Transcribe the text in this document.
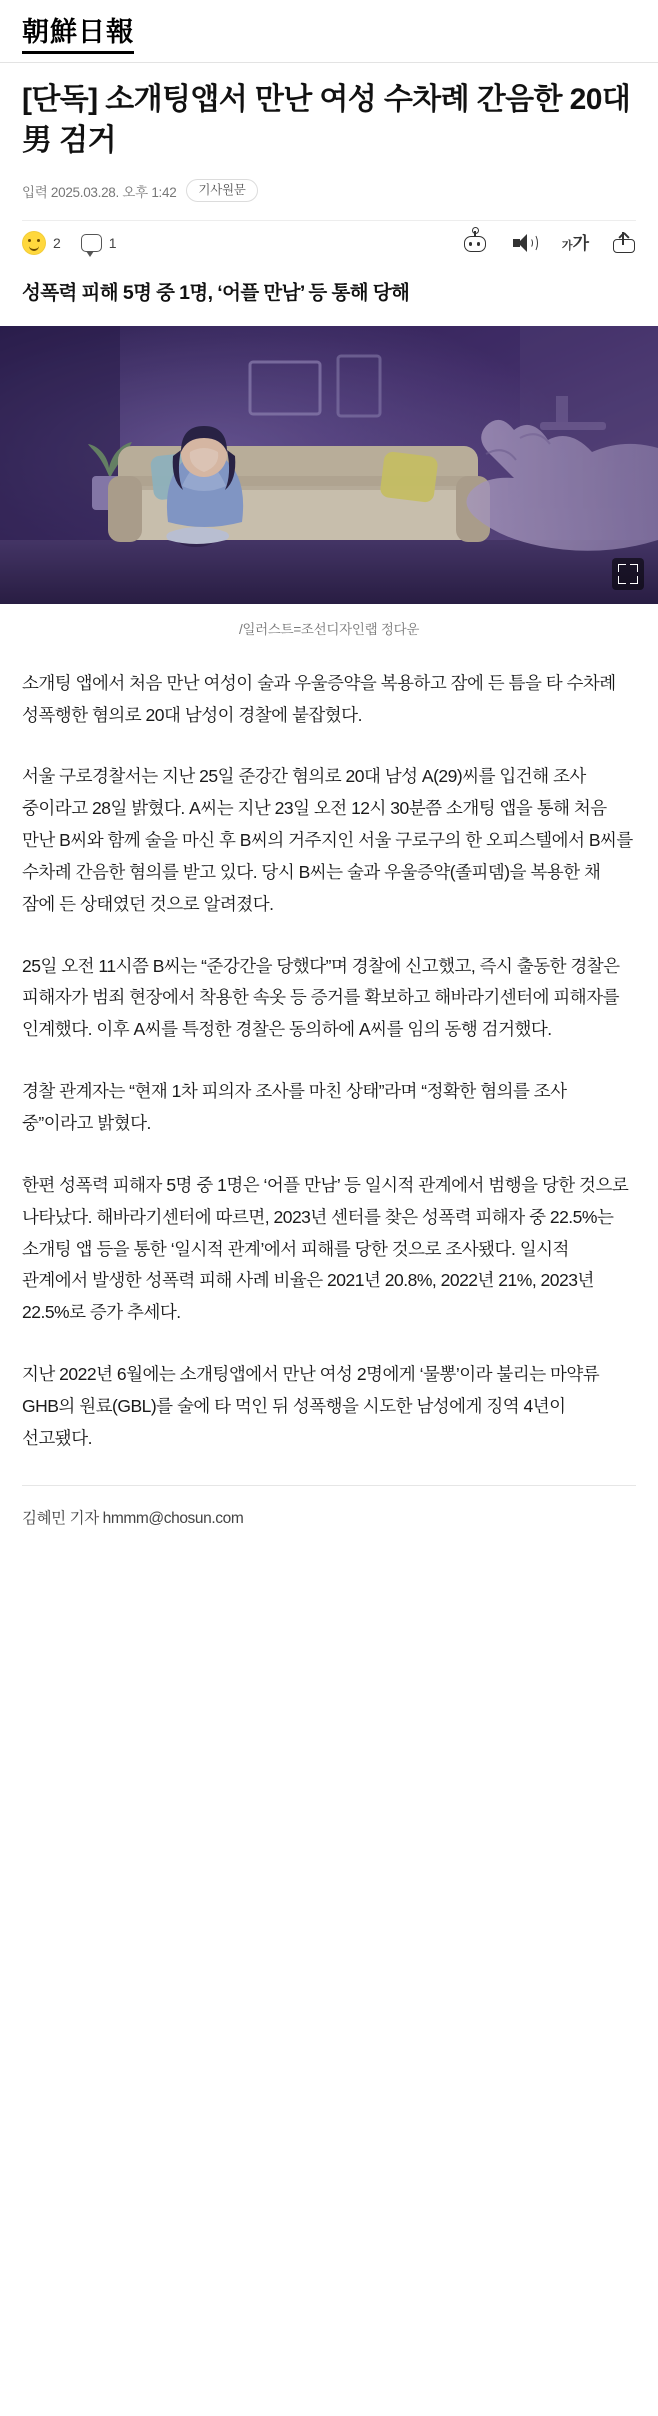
朝鮮日報
[단독] 소개팅앱서 만난 여성 수차례 간음한 20대男 검거
입력 2025.03.28. 오후 1:42	기사원문
2	1	가 가
성폭력 피해 5명 중 1명, ‘어플 만남’ 등 통해 당해
/일러스트=조선디자인랩 정다운

소개팅 앱에서 처음 만난 여성이 술과 우울증약을 복용하고 잠에 든 틈을 타 수차례 성폭행한 혐의로 20대 남성이 경찰에 붙잡혔다.

서울 구로경찰서는 지난 25일 준강간 혐의로 20대 남성 A(29)씨를 입건해 조사 중이라고 28일 밝혔다. A씨는 지난 23일 오전 12시 30분쯤 소개팅 앱을 통해 처음 만난 B씨와 함께 술을 마신 후 B씨의 거주지인 서울 구로구의 한 오피스텔에서 B씨를 수차례 간음한 혐의를 받고 있다. 당시 B씨는 술과 우울증약(졸피뎀)을 복용한 채 잠에 든 상태였던 것으로 알려졌다.

25일 오전 11시쯤 B씨는 “준강간을 당했다”며 경찰에 신고했고, 즉시 출동한 경찰은 피해자가 범죄 현장에서 착용한 속옷 등 증거를 확보하고 해바라기센터에 피해자를 인계했다. 이후 A씨를 특정한 경찰은 동의하에 A씨를 임의 동행 검거했다.

경찰 관계자는 “현재 1차 피의자 조사를 마친 상태”라며 “정확한 혐의를 조사 중”이라고 밝혔다.

한편 성폭력 피해자 5명 중 1명은 ‘어플 만남’ 등 일시적 관계에서 범행을 당한 것으로 나타났다. 해바라기센터에 따르면, 2023년 센터를 찾은 성폭력 피해자 중 22.5%는 소개팅 앱 등을 통한 ‘일시적 관계’에서 피해를 당한 것으로 조사됐다. 일시적 관계에서 발생한 성폭력 피해 사례 비율은 2021년 20.8%, 2022년 21%, 2023년 22.5%로 증가 추세다.

지난 2022년 6월에는 소개팅앱에서 만난 여성 2명에게 ‘물뽕’이라 불리는 마약류 GHB의 원료(GBL)를 술에 타 먹인 뒤 성폭행을 시도한 남성에게 징역 4년이 선고됐다.

김혜민 기자 hmmm@chosun.com
